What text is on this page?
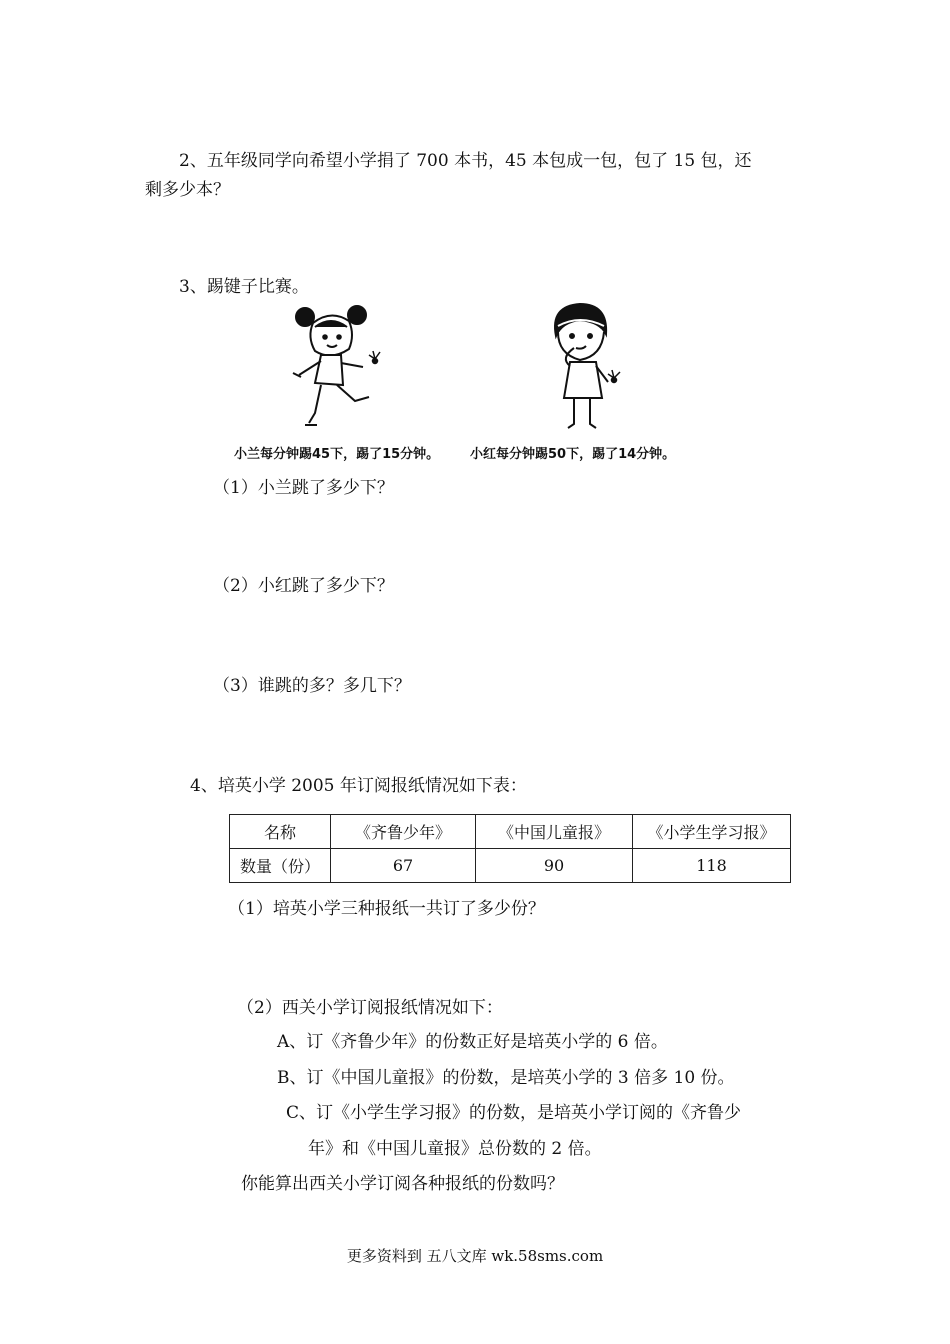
2、五年级同学向希望小学捐了 700 本书，45 本包成一包，包了 15 包，还
剩多少本？
3、踢键子比赛。
小兰每分钟踢45下，踢了15分钟。 小红每分钟踢50下，踢了14分钟。
（1）小兰跳了多少下？
（2）小红跳了多少下？
（3）谁跳的多？多几下？
4、培英小学 2005 年订阅报纸情况如下表：
名称	《齐鲁少年》	《中国儿童报》	《小学生学习报》
数量（份）	67	90	118
（1）培英小学三种报纸一共订了多少份？
（2）西关小学订阅报纸情况如下：
A、订《齐鲁少年》的份数正好是培英小学的 6 倍。
B、订《中国儿童报》的份数，是培英小学的 3 倍多 10 份。
C、订《小学生学习报》的份数，是培英小学订阅的《齐鲁少
年》和《中国儿童报》总份数的 2 倍。
你能算出西关小学订阅各种报纸的份数吗？
更多资料到 五八文库 wk.58sms.com
